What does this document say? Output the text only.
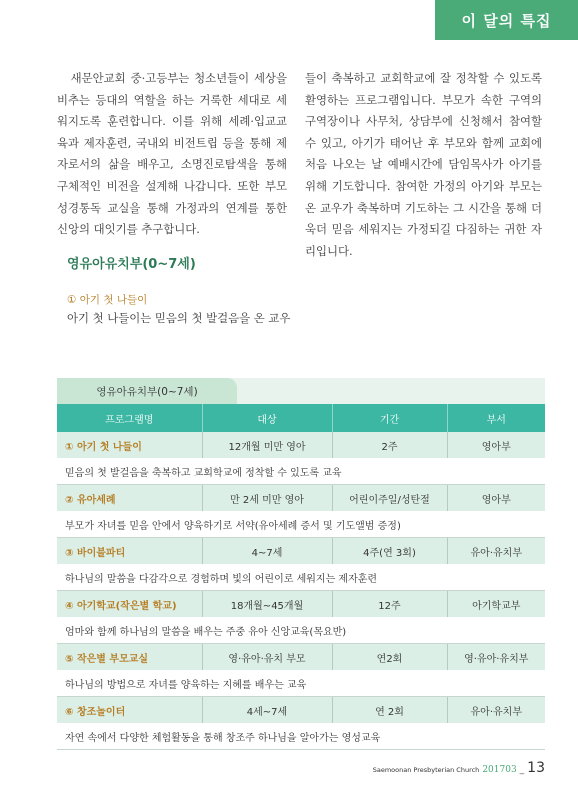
이 달의 특집
새문안교회 중·고등부는 청소년들이 세상을 비추는 등대의 역할을 하는 거룩한 세대로 세워지도록 훈련합니다. 이를 위해 세례·입교교육과 제자훈련, 국내외 비전트립 등을 통해 제자로서의 삶을 배우고, 소명진로탐색을 통해 구체적인 비전을 설계해 나갑니다. 또한 부모성경통독 교실을 통해 가정과의 연계를 통한 신앙의 대잇기를 추구합니다.
들이 축복하고 교회학교에 잘 정착할 수 있도록 환영하는 프로그램입니다. 부모가 속한 구역의 구역장이나 사무처, 상담부에 신청해서 참여할 수 있고, 아기가 태어난 후 부모와 함께 교회에 처음 나오는 날 예배시간에 담임목사가 아기를 위해 기도합니다. 참여한 가정의 아기와 부모는 온 교우가 축복하며 기도하는 그 시간을 통해 더욱더 믿음 세워지는 가정되길 다짐하는 귀한 자리입니다.
영유아유치부(0~7세)
① 아기 첫 나들이
아기 첫 나들이는 믿음의 첫 발걸음을 온 교우
영유아유치부(0~7세)
프로그램명	대상	기간	부서
① 아기 첫 나들이	12개월 미만 영아	2주	영아부
믿음의 첫 발걸음을 축복하고 교회학교에 정착할 수 있도록 교육			
② 유아세례	만 2세 미만 영아	어린이주일/성탄절	영아부
부모가 자녀를 믿음 안에서 양육하기로 서약(유아세례 증서 및 기도앨범 증정)			
③ 바이블파티	4~7세	4주(연 3회)	유아·유치부
하나님의 말씀을 다감각으로 경험하며 빛의 어린이로 세워지는 제자훈련			
④ 아기학교(작은별 학교)	18개월~45개월	12주	아기학교부
엄마와 함께 하나님의 말씀을 배우는 주중 유아 신앙교육(목요반)			
⑤ 작은별 부모교실	영·유아·유치 부모	연2회	영·유아·유치부
하나님의 방법으로 자녀를 양육하는 지혜를 배우는 교육			
⑥ 창조놀이터	4세~7세	연 2회	유아·유치부
자연 속에서 다양한 체험활동을 통해 창조주 하나님을 알아가는 영성교육			
Saemoonan Presbyterian Church 201703 _ 13
